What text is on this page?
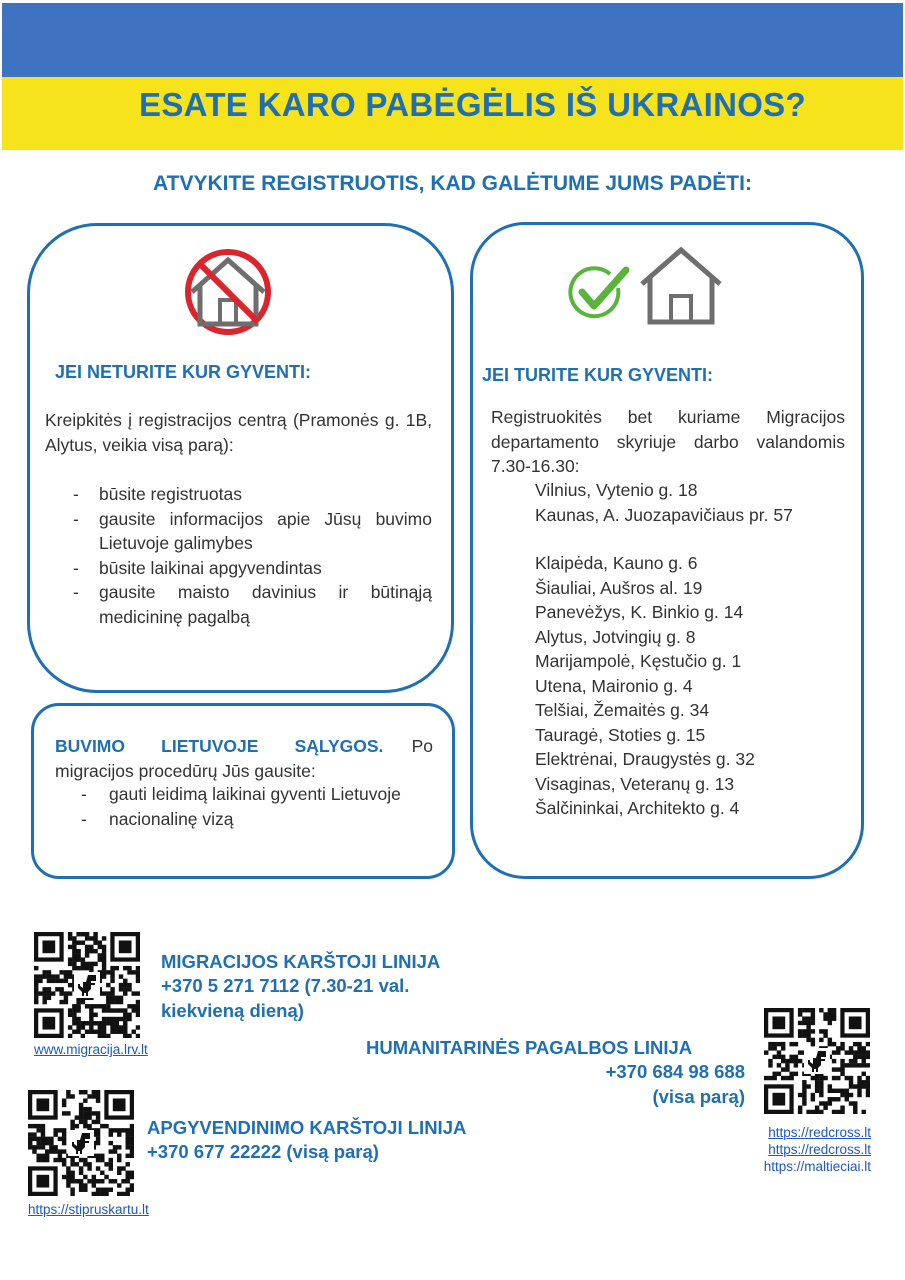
ESATE KARO PABĖGĖLIS IŠ UKRAINOS?
ATVYKITE REGISTRUOTIS, KAD GALĖTUME JUMS PADĖTI:
JEI NETURITE KUR GYVENTI:
Kreipkitės į registracijos centrą (Pramonės g. 1B, Alytus, veikia visą parą):
- būsite registruotas
- gausite informacijos apie Jūsų buvimo Lietuvoje galimybes
- būsite laikinai apgyvendintas
- gausite maisto davinius ir būtinąją medicininę pagalbą
BUVIMO LIETUVOJE SĄLYGOS. Po migracijos procedūrų Jūs gausite:
- gauti leidimą laikinai gyventi Lietuvoje
- nacionalinę vizą
JEI TURITE KUR GYVENTI:
Registruokitės bet kuriame Migracijos departamento skyriuje darbo valandomis 7.30-16.30:
Vilnius, Vytenio g. 18
Kaunas, A. Juozapavičiaus pr. 57
Klaipėda, Kauno g. 6
Šiauliai, Aušros al. 19
Panevėžys, K. Binkio g. 14
Alytus, Jotvingių g. 8
Marijampolė, Kęstučio g. 1
Utena, Maironio g. 4
Telšiai, Žemaitės g. 34
Tauragė, Stoties g. 15
Elektrėnai, Draugystės g. 32
Visaginas, Veteranų g. 13
Šalčininkai, Architekto g. 4
MIGRACIJOS KARŠTOJI LINIJA
+370 5 271 7112 (7.30-21 val.
kiekvieną dieną)
www.migracija.lrv.lt	HUMANITARINĖS PAGALBOS LINIJA
+370 684 98 688
(visa parą)
https://redcross.lt
https://redcross.lt
https://maltieciai.lt
APGYVENDINIMO KARŠTOJI LINIJA
+370 677 22222 (visą parą)
https://stipruskartu.lt
